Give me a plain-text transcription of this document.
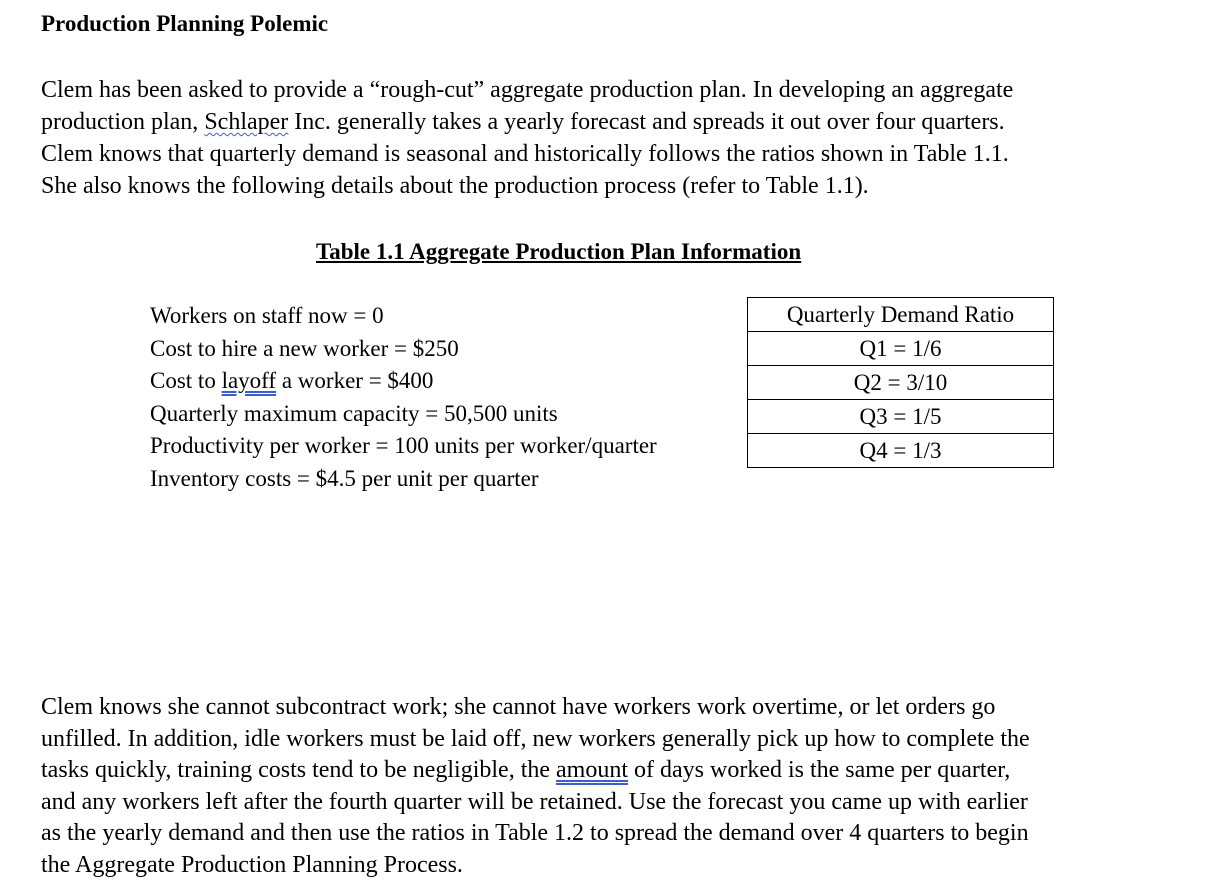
Production Planning Polemic
Clem has been asked to provide a “rough-cut” aggregate production plan. In developing an aggregate
production plan, Schlaper Inc. generally takes a yearly forecast and spreads it out over four quarters.
Clem knows that quarterly demand is seasonal and historically follows the ratios shown in Table 1.1.
She also knows the following details about the production process (refer to Table 1.1).
Table 1.1 Aggregate Production Plan Information
Workers on staff now = 0
Cost to hire a new worker = $250
Cost to layoff a worker = $400
Quarterly maximum capacity = 50,500 units
Productivity per worker = 100 units per worker/quarter
Inventory costs = $4.5 per unit per quarter
Quarterly Demand Ratio
Q1 = 1/6
Q2 = 3/10
Q3 = 1/5
Q4 = 1/3
Clem knows she cannot subcontract work; she cannot have workers work overtime, or let orders go
unfilled. In addition, idle workers must be laid off, new workers generally pick up how to complete the
tasks quickly, training costs tend to be negligible, the amount of days worked is the same per quarter,
and any workers left after the fourth quarter will be retained. Use the forecast you came up with earlier
as the yearly demand and then use the ratios in Table 1.2 to spread the demand over 4 quarters to begin
the Aggregate Production Planning Process.
